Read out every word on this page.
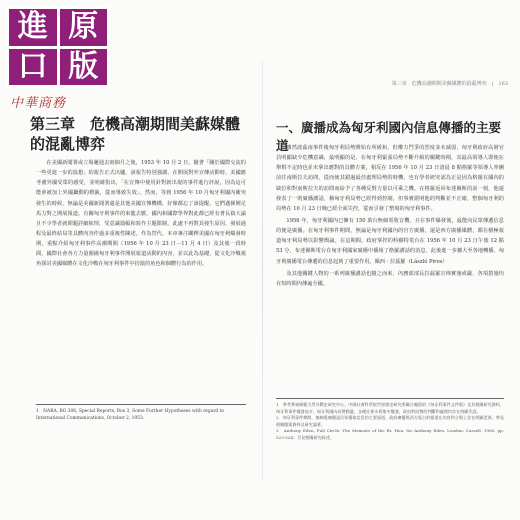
進 原
口 版
中華商務
第三章　危機高潮期間美蘇媒體的混亂博弈　|　163
第三章　危機高潮期間美蘇媒體的混亂博弈

在美國新聞署或立場邏通去兩個月之後，1953 年 10 月 2 日，隨著「關於國際交流的一些更進一步的設想」的報告正式出爐，該報告特別強調，在開展對外宣傳活動時，美國應考慮外國受眾的感受，並明確指出，「在宣傳中使用針對新出現的事件進行評說，因為這可能會被加上外國攝動的標籤，從而導致失效」。然而，等到 1956 年 10 月匈牙利國內衝突發生的時候，無論是美國新聞署還是其他美國宣傳機構，好像都忘了該提醒，它們邁揮開足馬力對之開展報道。有關匈牙利事件的來龍去脈，國內和國際學界對此都已經有著長篇大論且不少學者就問題詳細梳理，受意識篇幅和寫作主題限制，此處不再對其發生原因、發展過程及最終結局等具體內容作過多重複性陳述。作為替代，本章專注闡釋美國在匈牙利爆發時期，重點介紹匈牙利事件高潮期間（1956 年 10 月 23 日－11 月 4 日）及其後一段時間，國際社會各方力量圍繞匈牙利事件開展報道活動的內容，並以此為基礎，從文化冷戰視角探討美國媒體在文化冷戰在匈牙利事件中扮演的角色和個體行為的作用。

1　NARA, RG 306, Special Reports, Box 3, Some Further Hypotheses with regard to International Communications, October 2, 1953.
一、廣播成為匈牙利國內信息傳播的主要道

雖然波茲南事件後匈牙利局勢開始有所緩和，但權力鬥爭的烈度並未減弱，匈牙利政府高層官員明顯缺少危機意識，最明顯的是，在匈牙利緊張局勢不斷升級的關鍵時期，其最高領導人即便在舉棋不定時也並未拿出應對的具體方案，相反在 1956 年 10 月 23 日清晨 8 點格羅等領導人率團前往南斯拉夫訪問，從而使其錯過最佳處理局勢的時機，也有學者研究認為正是因為格羅在國內的缺位和對南斯拉夫的訪問而給予了各種反對力量以可乘之機。在格羅返回布達佩斯的前一刻，他還發表了一則廣播講話，稱匈牙利局勢已經得到控制，但事實證明他的判斷並不正確，整個匈牙利的局勢在 10 月 23 日晚已經全面失控，從而引發了整場的匈牙利事件。

1956 年，匈牙利國內已擁有 150 萬台無線電收音機，且在事件爆發後，最能向民眾傳遞信息的便是廣播。在匈牙利事件期間，無論是匈牙利國內的官方廣播，還是西方廣播媒體，都在積極報道匈牙利局勢以影響輿論。在這期間，政府掌控的科蘇特電台在 1956 年 10 月 23 日午後 12 點 53 分，布達佩斯電台在匈牙利國家廣播中播報了格羅講話的消息，此後進一步擴大至各地轉播，匈牙利廣播電台傳遞的信息起到了重要作用。佩西 · 拉茲羅（László Piros）

及其他關鍵人物的一系列廣播講話也隨之而來，內務部部長拉茲羅宣佈實施戒嚴，各項措施均在短時間內傳遍全國。

1　參考華東師範大學冷戰史研究中心、中國社會科學院世界歷史研究所聯合編寫的《匈牙利事件文件集》及其相關研究資料，匈牙利事件爆發前夕，匈牙利國內局勢動盪，各種社會矛盾集中爆發，政府對局勢的判斷和處理均存在明顯失誤。
2　匈牙利事件期間，無線電廣播是民眾獲取信息的主要渠道，政府廣播與西方電台的報道在內容和立場上存在明顯差異，參見相關檔案資料及研究論著。
3　Anthony Eden, Full Circle: The Memoirs of the Rt. Hon. Sir Anthony Eden, London: Cassell, 1960, pp. 523-524；另見相關研究綜述。
